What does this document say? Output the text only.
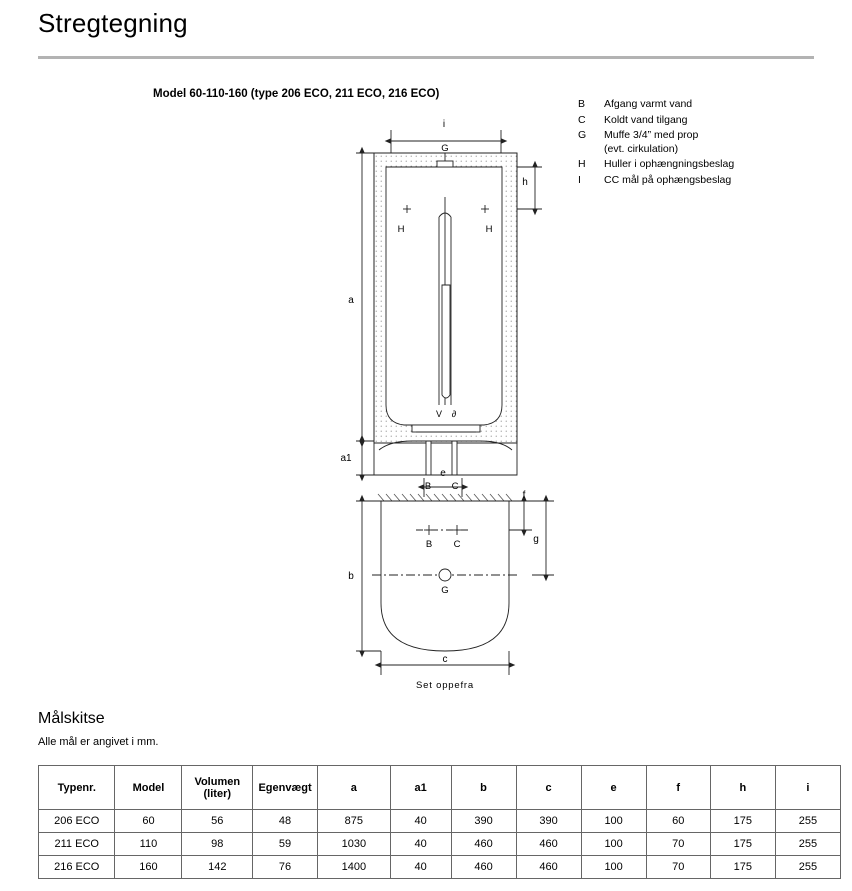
Stregtegning
Model 60-110-160 (type 206 ECO, 211 ECO, 216 ECO)
B	Afgang varmt vand
C	Koldt vand tilgang
G	Muffe 3/4” med prop
(evt. cirkulation)
H	Huller i ophængningsbeslag
I	CC mål på ophængsbeslag
i
G
H	H
B C
V ∂
h
a
a1
B C
G
e
f
g
b
c
Set oppefra
Målskitse
Alle mål er angivet i mm.
Typenr.	Model	Volumen
(liter)	Egenvægt	a	a1	b	c	e	f	h	i
206 ECO	60	56	48	875	40	390	390	100	60	175	255
211 ECO	110	98	59	1030	40	460	460	100	70	175	255
216 ECO	160	142	76	1400	40	460	460	100	70	175	255
